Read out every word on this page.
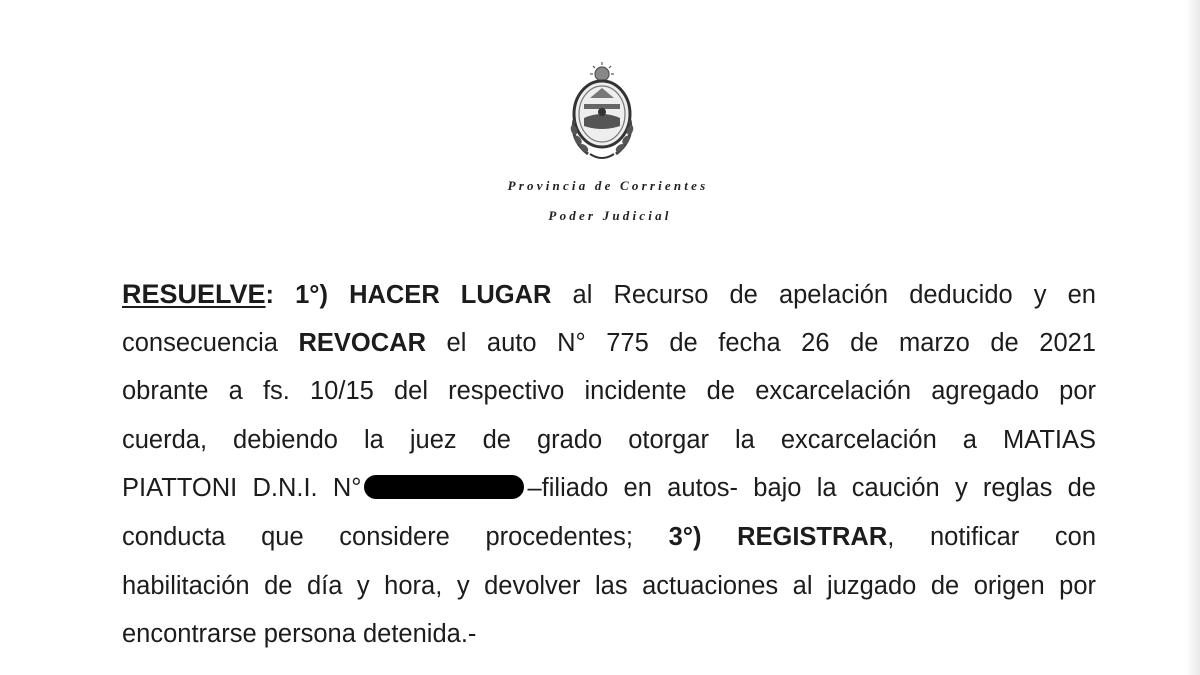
Provincia de Corrientes
Poder Judicial
RESUELVE: 1°) HACER LUGAR al Recurso de apelación deducido y en
consecuencia REVOCAR el auto N° 775 de fecha 26 de marzo de 2021
obrante a fs. 10/15 del respectivo incidente de excarcelación agregado por
cuerda, debiendo la juez de grado otorgar la excarcelación a MATIAS
PIATTONI D.N.I. N°	–filiado en autos- bajo la caución y reglas de
conducta que considere procedentes; 3°) REGISTRAR, notificar con
habilitación de día y hora, y devolver las actuaciones al juzgado de origen por
encontrarse persona detenida.-
